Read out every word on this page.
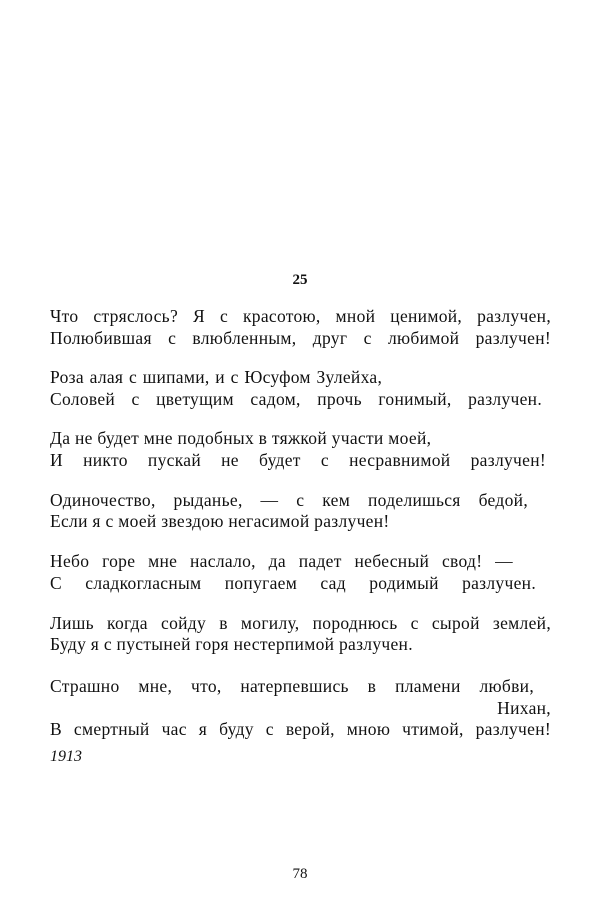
25
Что стряслось? Я с красотою, мной ценимой, разлучен,
Полюбившая с влюбленным, друг с любимой разлучен!
Роза алая с шипами, и с Юсуфом Зулейха,
Соловей с цветущим садом, прочь гонимый, разлучен.
Да не будет мне подобных в тяжкой участи моей,
И никто пускай не будет с несравнимой разлучен!
Одиночество, рыданье, — с кем поделишься бедой,
Если я с моей звездою негасимой разлучен!
Небо горе мне наслало, да падет небесный свод! —
С сладкогласным попугаем сад родимый разлучен.
Лишь когда сойду в могилу, породнюсь с сырой землей,
Буду я с пустыней горя нестерпимой разлучен.
Страшно мне, что, натерпевшись в пламени любви,
Нихан,
В смертный час я буду с верой, мною чтимой, разлучен!
1913
78
